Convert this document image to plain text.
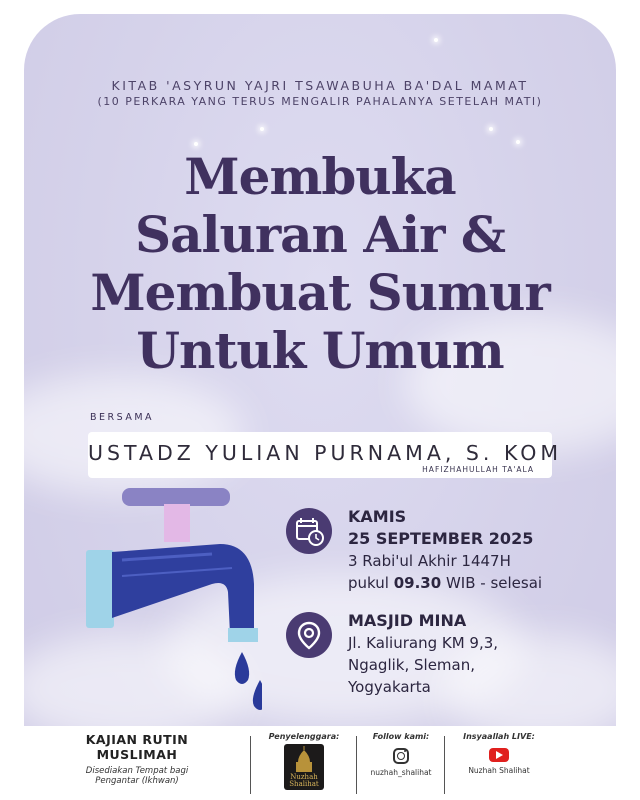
KITAB 'ASYRUN YAJRI TSAWABUHA BA'DAL MAMAT
(10 PERKARA YANG TERUS MENGALIR PAHALANYA SETELAH MATI)
Membuka
Saluran Air &
Membuat Sumur
Untuk Umum
BERSAMA
USTADZ YULIAN PURNAMA, S. KOM
HAFIZHAHULLAH TA'ALA
KAMIS
25 SEPTEMBER 2025
3 Rabi'ul Akhir 1447H
pukul 09.30 WIB - selesai
MASJID MINA
Jl. Kaliurang KM 9,3,
Ngaglik, Sleman,
Yogyakarta
KAJIAN RUTIN
MUSLIMAH
Disediakan Tempat bagi
Pengantar (Ikhwan)
Penyelenggara:
Nuzhah Shalihat
Follow kami:
nuzhah_shalihat
Insyaallah LIVE:
Nuzhah Shalihat
